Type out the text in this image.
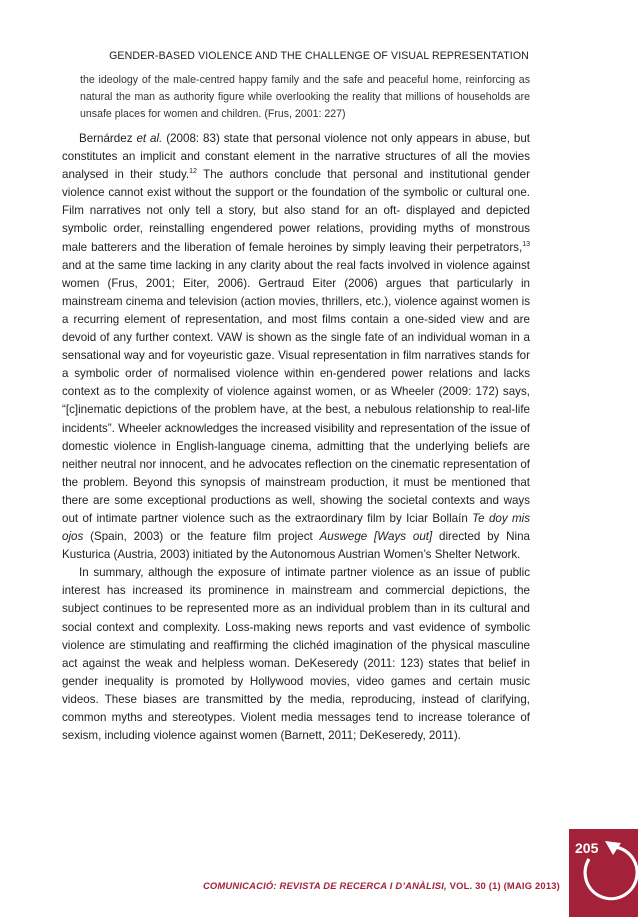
GENDER-BASED VIOLENCE AND THE CHALLENGE OF VISUAL REPRESENTATION
the ideology of the male-centred happy family and the safe and peaceful home, reinforcing as natural the man as authority figure while overlooking the reality that millions of households are unsafe places for women and children. (Frus, 2001: 227)

Bernárdez et al. (2008: 83) state that personal violence not only appears in abuse, but constitutes an implicit and constant element in the narrative structures of all the movies analysed in their study.$^{12}$ The authors conclude that personal and institutional gender violence cannot exist without the support or the foundation of the symbolic or cultural one. Film narratives not only tell a story, but also stand for an oft- displayed and depicted symbolic order, reinstalling engendered power relations, providing myths of monstrous male batterers and the liberation of female heroines by simply leaving their perpetrators,$^{13}$ and at the same time lacking in any clarity about the real facts involved in violence against women (Frus, 2001; Eiter, 2006). Gertraud Eiter (2006) argues that particularly in mainstream cinema and television (action movies, thrillers, etc.), violence against women is a recurring element of representation, and most films contain a one-sided view and are devoid of any further context. VAW is shown as the single fate of an individual woman in a sensational way and for voyeuristic gaze. Visual representation in film narratives stands for a symbolic order of normalised violence within en-gendered power relations and lacks context as to the complexity of violence against women, or as Wheeler (2009: 172) says, “[c]inematic depictions of the problem have, at the best, a nebulous relationship to real-life incidents”. Wheeler acknowledges the increased visibility and representation of the issue of domestic violence in English-language cinema, admitting that the underlying beliefs are neither neutral nor innocent, and he advocates reflection on the cinematic representation of the problem. Beyond this synopsis of mainstream production, it must be mentioned that there are some exceptional productions as well, showing the societal contexts and ways out of intimate partner violence such as the extraordinary film by Iciar Bollaín Te doy mis ojos (Spain, 2003) or the feature film project Auswege [Ways out] directed by Nina Kusturica (Austria, 2003) initiated by the Autonomous Austrian Women’s Shelter Network.

In summary, although the exposure of intimate partner violence as an issue of public interest has increased its prominence in mainstream and commercial depictions, the subject continues to be represented more as an individual problem than in its cultural and social context and complexity. Loss-making news reports and vast evidence of symbolic violence are stimulating and reaffirming the clichéd imagination of the physical masculine act against the weak and helpless woman. DeKeseredy (2011: 123) states that belief in gender inequality is promoted by Hollywood movies, video games and certain music videos. These biases are transmitted by the media, reproducing, instead of clarifying, common myths and stereotypes. Violent media messages tend to increase tolerance of sexism, including violence against women (Barnett, 2011; DeKeseredy, 2011).

COMUNICACIÓ: REVISTA DE RECERCA I D’ANÀLISI, VOL. 30 (1) (MAIG 2013)
205
